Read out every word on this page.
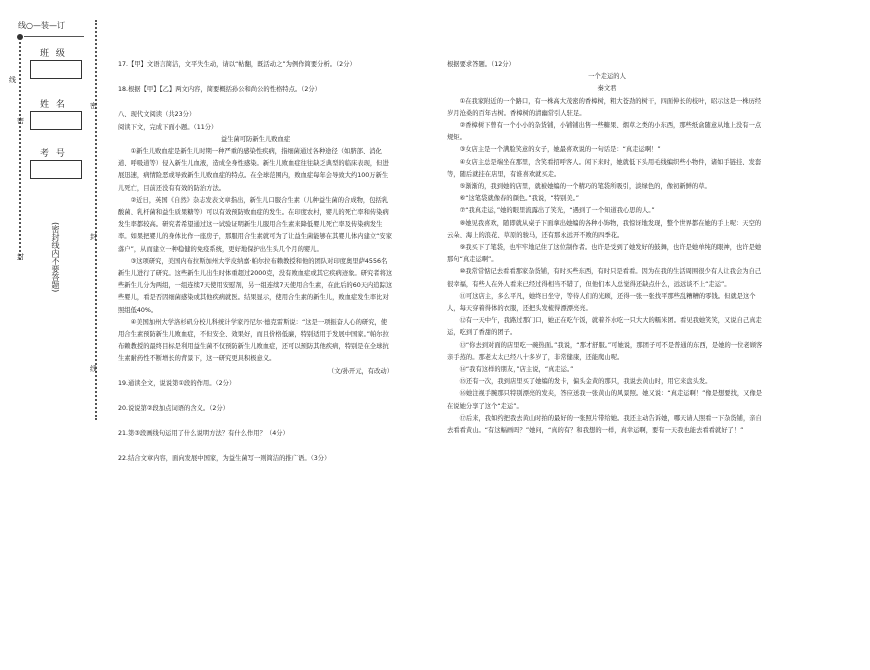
线○—装—订
班 级
姓 名
考 号
线
密
封
密
封
线
(密封线内不要答题)

17.【甲】文语言简洁，文平失生动，请以“帖翻，既活动之”为例作简要分析。（2分）

18.根据【甲】【乙】两文内容，简要概括孙公和尚公的性格特点。（2分）

八、现代文阅读（共23分）

阅读下文，完成下面小题。（11分）

益生菌可防新生儿败血症

①新生儿败血症是新生儿时期一种严重的感染性疾病，指细菌通过各种途径（如脐部、消化道、呼吸道等）侵入新生儿血液，造成全身性感染。新生儿败血症往往缺乏典型的临床表现，但进展迅速，病情险恶或导致新生儿败血症的特点。在全球范围内，败血症每年会导致大约100万新生儿死亡，目前还没有有效的防治方法。

②近日，英国《自然》杂志发表文章指出，新生儿口服合生素（儿种益生菌的合成物，包括乳酸菌、乳杆菌和益生质果糖等）可以有效预防败血症的发生。在印度农村，婴儿的死亡率和传染病发生率都较高。研究者希望通过这一试验证明新生儿服用合生素来降低婴儿死亡率及传染病发生率。如果把婴儿的身体比作一座房子，那服用合生素就可为了让益生菌能够在其婴儿体内建立“安家落户”，从而建立一种稳健的免疫系统，更好地保护出生头几个月的婴儿。

③这项研究，美国内布拉斯加州大学皮纳嘉·帕尔拉布赖教授和他的团队对印度奥里萨4556名新生儿进行了研究。这些新生儿出生时体重超过2000克，没有败血症或其它疾病迹象。研究者将这些新生儿分为两组，一组连续7天使用安慰剂，另一组连续7天使用合生素，在此后的60天内追踪这些婴儿，看是否因细菌感染或其他疾病就医。结果显示，使用合生素的新生儿，败血症发生率比对照组低40%。

④美国加州大学洛杉矶分校儿科统计学家丹尼尔·德克雷斯说：“这是一项振奋人心的研究，使用合生素预防新生儿败血症，不但安全、效果好，而且价格低廉，特别适用于发展中国家。”帕尔拉布赖教授的最终目标是利用益生菌不仅预防新生儿败血症，还可以预防其他疾病，特别是在全球抗生素耐药性不断增长的背景下，这一研究更具积极意义。

（文/孙开元，有改动）

19.通读全文，说说第①段的作用。（2分）

20.说说第②段加点词语的含义。（2分）

21.第③段画线句运用了什么说明方法？有什么作用？（4分）

22.结合文章内容，面向发展中国家，为益生菌写一则简洁的推广语。（3分）

根据要求答题。（12分）

一个走运的人

秦文君

①在我家附近的一个路口，有一株高大茂密的香樟树，粗大苍劲的树干，四面伸长的枝叶，昭示这是一株历经岁月沧桑的百年古树。香樟树的清幽常引人驻足。

②香樟树下曾有一个小小的杂货铺，小铺铺出售一些糖果、烟草之类的小东西，那些纸盒随意从地上没有一点规矩。

③女店主是一个满脸笑意的女子，她最喜欢说的一句话是：“真走运啊！”

④女店主总是端坐在那里，含笑看招呼客人。闲下来时，她就低下头用毛线编织些小物件，诸如手链挂、发套等，随后就挂在店里，有谁喜欢就买走。

⑤渐渐的，我到她的店里，就被她编的一个精巧的笔袋所吸引，淡绿色的，像初新鲜的草。

⑥“这笔袋就像春的颜色。”我说，“特别美。”

⑦“我真走运，”她的眼里流露出了笑光，“遇到了一个知道我心思的人。”

⑧她见我喜欢，随即就从桌子下面拿出她编的各种小饰物，我惊讶地发现，整个世界都在她的手上呢：天空的云朵、海上的浪花、草原的骏马，还有那永远开不败的四季花。

⑨我买下了笔袋，也牢牢地记住了这位制作者。也许是受到了她发好的鼓舞，也许是她单纯的眼神，也许是她那句“真走运啊”。

⑩我常常惦记去看看那家杂货铺，有时买些东西，有时只是看看。因为在我的生活周围很少有人让我会为自己很幸福，有些人在外人看来已经过得相当不错了，但他们本人总觉得还缺点什么，远远谈不上“走运”。

⑪可这店主，多么平凡，她终日坐守，等待人们的光顾，还得一张一张找平那些乱糟糟的零钱。但就是这个人，每天穿着得体的衣服，还把头发梳得漂漂亮亮。

⑫有一天中午，我路过那门口，她正在吃午饭，就着芥水吃一只大大的糯米团。看见我她笑笑，又说自己真走运，吃到了香甜的团子。

⑬“你去到对面的店里吃一碗热面。”我说，“那才舒服。”可她说，那团子可不是普通的东西，是她的一位老顾客亲手蒸的。那老太太已经八十多岁了，非常健康，还能爬山呢。

⑭“我有这样的朋友，”店主说，“真走运。”

⑮还有一次，我到店里买了她编的发卡，偏头金黄的那只，我说去黄山时，用它来盘头发。

⑯她注视手腕那只特别漂亮的发夹，答应送我一张黄山的风景照。她又说：“真走运啊！”像是想要找，又像是在说她分享了这个“走运”。

⑰后来，我如约把我去黄山时拍的最好的一张照片带给她。我还主动告诉她，哪天请人照看一下杂货铺，亲自去看看黄山。“有这幅画吗？”她问，“真的有？和我想的一样，真幸运啊，要有一天我也能去看看就好了！”
